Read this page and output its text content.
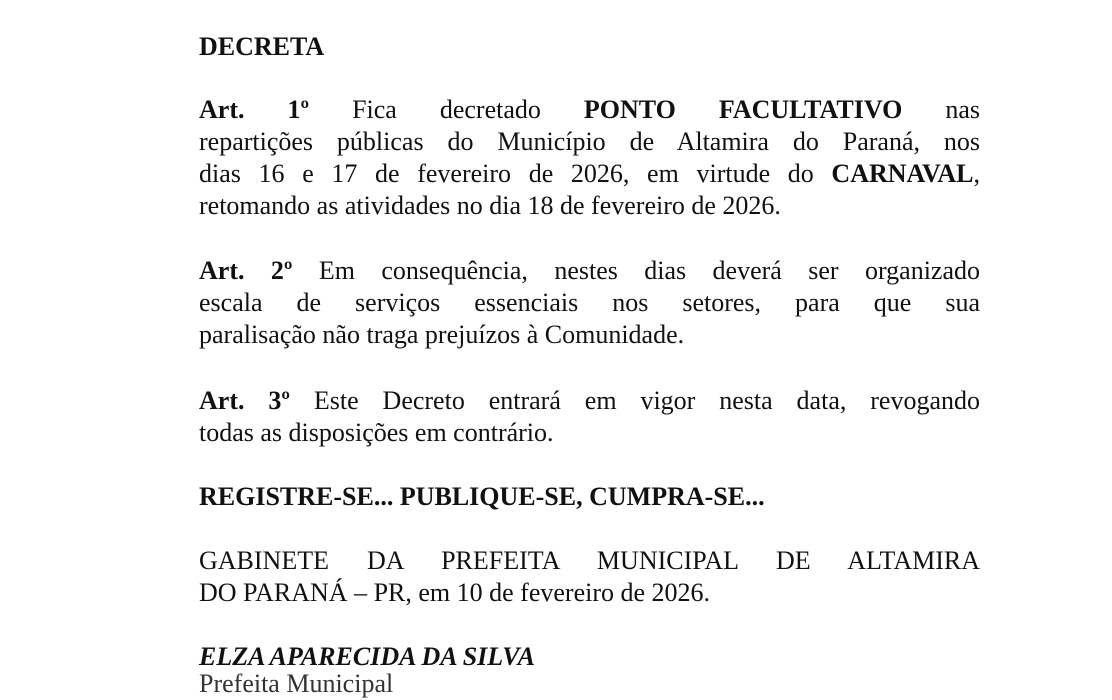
DECRETA
Art. 1º Fica decretado PONTO FACULTATIVO nas
repartições públicas do Município de Altamira do Paraná, nos
dias 16 e 17 de fevereiro de 2026, em virtude do CARNAVAL,
retomando as atividades no dia 18 de fevereiro de 2026.
Art. 2º Em consequência, nestes dias deverá ser organizado
escala de serviços essenciais nos setores, para que sua
paralisação não traga prejuízos à Comunidade.
Art. 3º Este Decreto entrará em vigor nesta data, revogando
todas as disposições em contrário.
REGISTRE-SE... PUBLIQUE-SE, CUMPRA-SE...
GABINETE DA PREFEITA MUNICIPAL DE ALTAMIRA
DO PARANÁ – PR, em 10 de fevereiro de 2026.
ELZA APARECIDA DA SILVA
Prefeita Municipal
